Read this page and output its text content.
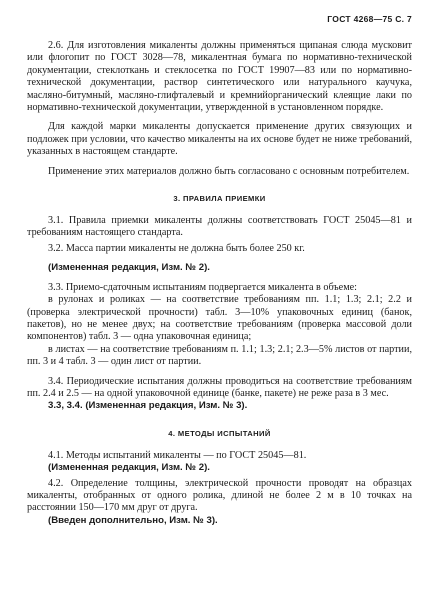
ГОСТ 4268—75 С. 7

2.6. Для изготовления микаленты должны применяться щипаная слюда мусковит или флогопит по ГОСТ 3028—78, микалентная бумага по нормативно-технической документации, стеклоткань и стеклосетка по ГОСТ 19907—83 или по нормативно-технической документации, раствор синтетического или натурального каучука, масляно-битумный, масляно-глифталевый и кремнийорганический клеящие лаки по нормативно-технической документации, утвержденной в установленном порядке.

Для каждой марки микаленты допускается применение других связующих и подложек при условии, что качество микаленты на их основе будет не ниже требований, указанных в настоящем стандарте.

Применение этих материалов должно быть согласовано с основным потребителем.

3. ПРАВИЛА ПРИЕМКИ

3.1. Правила приемки микаленты должны соответствовать ГОСТ 25045—81 и требованиям настоящего стандарта.

3.2. Масса партии микаленты не должна быть более 250 кг.

(Измененная редакция, Изм. № 2).

3.3. Приемо-сдаточным испытаниям подвергается микалента в объеме:

в рулонах и роликах — на соответствие требованиям пп. 1.1; 1.3; 2.1; 2.2 и (проверка электрической прочности) табл. 3—10% упаковочных единиц (банок, пакетов), но не менее двух; на соответствие требованиям (проверка массовой доли компонентов) табл. 3 — одна упаковочная единица;

в листах — на соответствие требованиям п. 1.1; 1.3; 2.1; 2.3—5% листов от партии, пп. 3 и 4 табл. 3 — один лист от партии.

3.4. Периодические испытания должны проводиться на соответствие требованиям пп. 2.4 и 2.5 — на одной упаковочной единице (банке, пакете) не реже раза в 3 мес.

3.3, 3.4. (Измененная редакция, Изм. № 3).

4. МЕТОДЫ ИСПЫТАНИЙ

4.1. Методы испытаний микаленты — по ГОСТ 25045—81.

(Измененная редакция, Изм. № 2).

4.2. Определение толщины, электрической прочности проводят на образцах микаленты, отобранных от одного ролика, длиной не более 2 м в 10 точках на расстоянии 150—170 мм друг от друга.

(Введен дополнительно, Изм. № 3).
